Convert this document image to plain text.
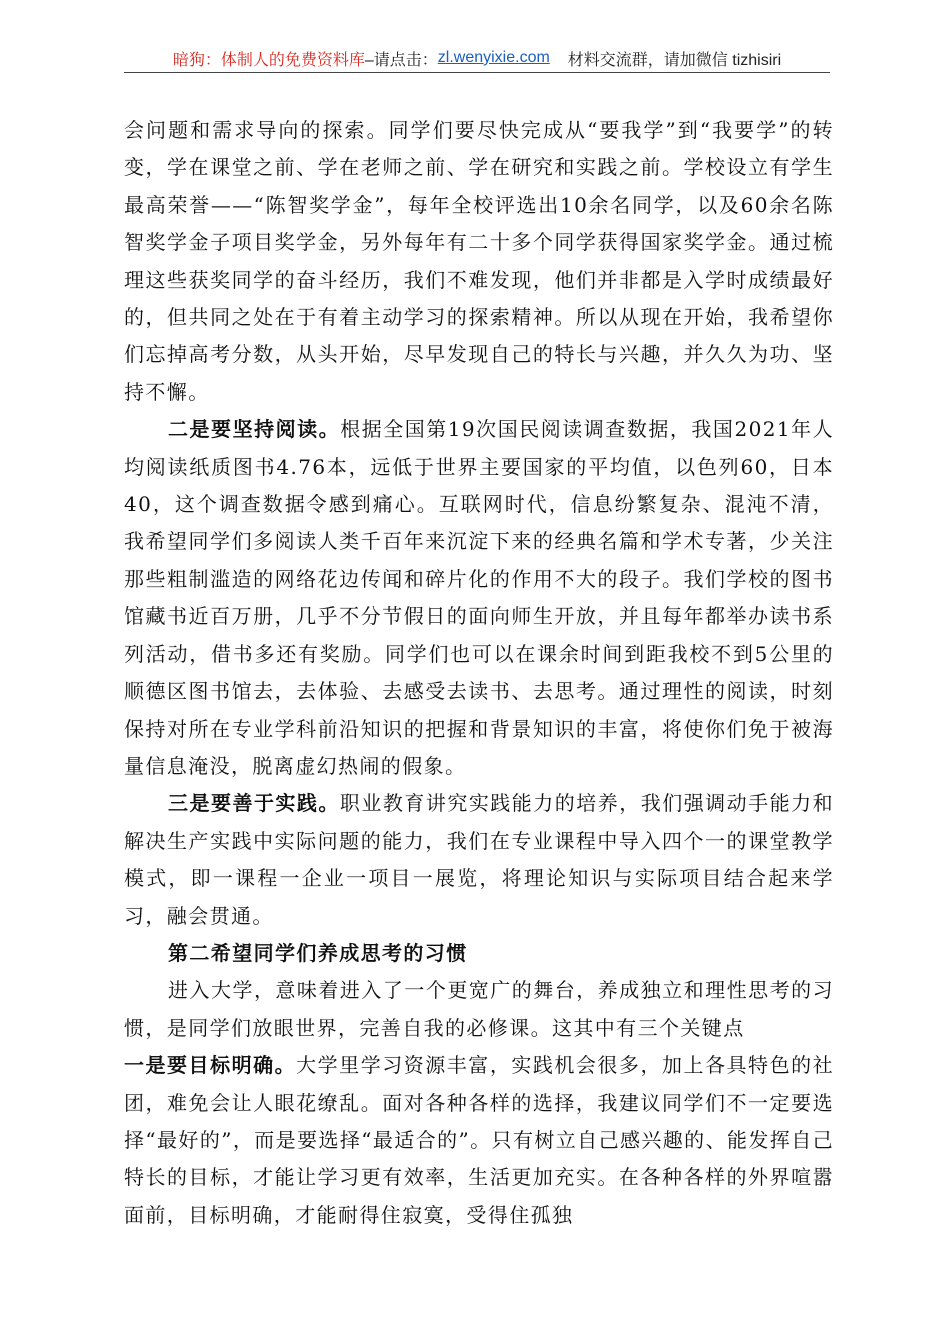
暗狗：体制人的免费资料库 –请点击： zl.wenyixie.com 材料交流群，请加微信 tizhisiri

会问题和需求导向的探索。同学们要尽快完成从“要我学”到“我要学”的转变，学在课堂之前、学在老师之前、学在研究和实践之前。学校设立有学生最高荣誉——“陈智奖学金”，每年全校评选出10余名同学，以及60余名陈智奖学金子项目奖学金，另外每年有二十多个同学获得国家奖学金。通过梳理这些获奖同学的奋斗经历，我们不难发现，他们并非都是入学时成绩最好的，但共同之处在于有着主动学习的探索精神。所以从现在开始，我希望你们忘掉高考分数，从头开始，尽早发现自己的特长与兴趣，并久久为功、坚持不懈。

二是要坚持阅读。根据全国第19次国民阅读调查数据，我国2021年人均阅读纸质图书4.76本，远低于世界主要国家的平均值，以色列60，日本40，这个调查数据令感到痛心。互联网时代，信息纷繁复杂、混沌不清，我希望同学们多阅读人类千百年来沉淀下来的经典名篇和学术专著，少关注那些粗制滥造的网络花边传闻和碎片化的作用不大的段子。我们学校的图书馆藏书近百万册，几乎不分节假日的面向师生开放，并且每年都举办读书系列活动，借书多还有奖励。同学们也可以在课余时间到距我校不到5公里的顺德区图书馆去，去体验、去感受去读书、去思考。通过理性的阅读，时刻保持对所在专业学科前沿知识的把握和背景知识的丰富，将使你们免于被海量信息淹没，脱离虚幻热闹的假象。

三是要善于实践。职业教育讲究实践能力的培养，我们强调动手能力和解决生产实践中实际问题的能力，我们在专业课程中导入四个一的课堂教学模式，即一课程一企业一项目一展览，将理论知识与实际项目结合起来学习，融会贯通。

第二希望同学们养成思考的习惯

进入大学，意味着进入了一个更宽广的舞台，养成独立和理性思考的习惯，是同学们放眼世界，完善自我的必修课。这其中有三个关键点

一是要目标明确。大学里学习资源丰富，实践机会很多，加上各具特色的社团，难免会让人眼花缭乱。面对各种各样的选择，我建议同学们不一定要选择“最好的”，而是要选择“最适合的”。只有树立自己感兴趣的、能发挥自己特长的目标，才能让学习更有效率，生活更加充实。在各种各样的外界喧嚣面前，目标明确，才能耐得住寂寞，受得住孤独
